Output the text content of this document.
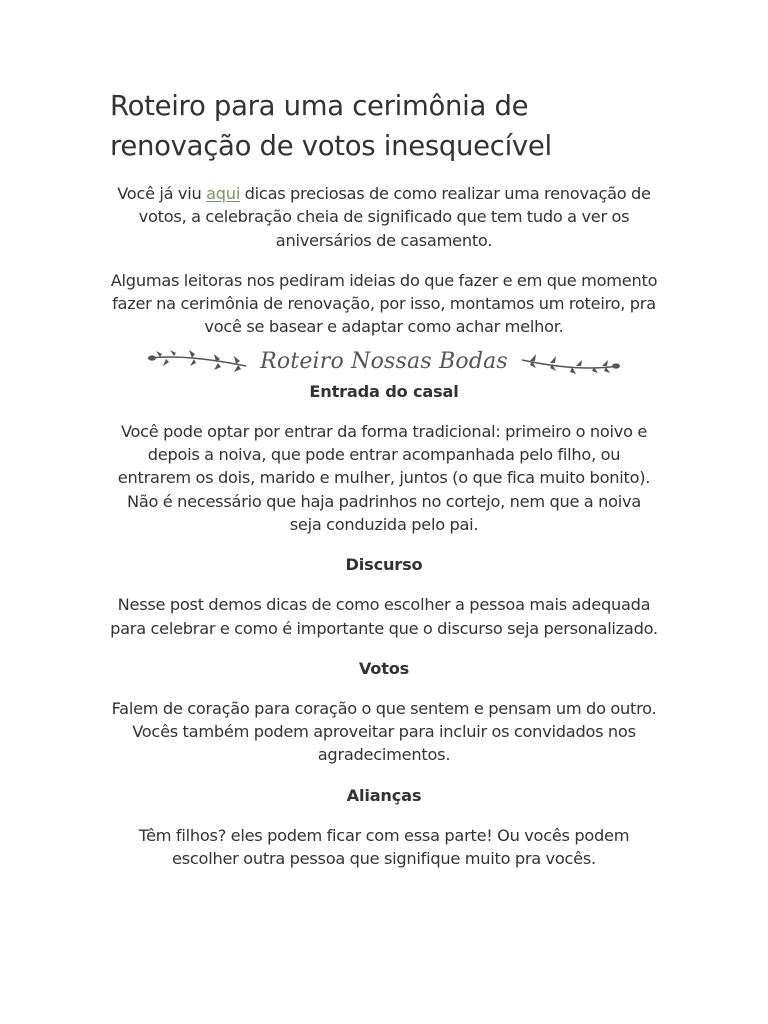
Roteiro para uma cerimônia de renovação de votos inesquecível

Você já viu aqui dicas preciosas de como realizar uma renovação de votos, a celebração cheia de significado que tem tudo a ver os aniversários de casamento.

Algumas leitoras nos pediram ideias do que fazer e em que momento fazer na cerimônia de renovação, por isso, montamos um roteiro, pra você se basear e adaptar como achar melhor.

Roteiro Nossas Bodas
Entrada do casal

Você pode optar por entrar da forma tradicional: primeiro o noivo e depois a noiva, que pode entrar acompanhada pelo filho, ou entrarem os dois, marido e mulher, juntos (o que fica muito bonito). Não é necessário que haja padrinhos no cortejo, nem que a noiva seja conduzida pelo pai.

Discurso

Nesse post demos dicas de como escolher a pessoa mais adequada para celebrar e como é importante que o discurso seja personalizado.

Votos

Falem de coração para coração o que sentem e pensam um do outro. Vocês também podem aproveitar para incluir os convidados nos agradecimentos.

Alianças

Têm filhos? eles podem ficar com essa parte! Ou vocês podem escolher outra pessoa que signifique muito pra vocês.
